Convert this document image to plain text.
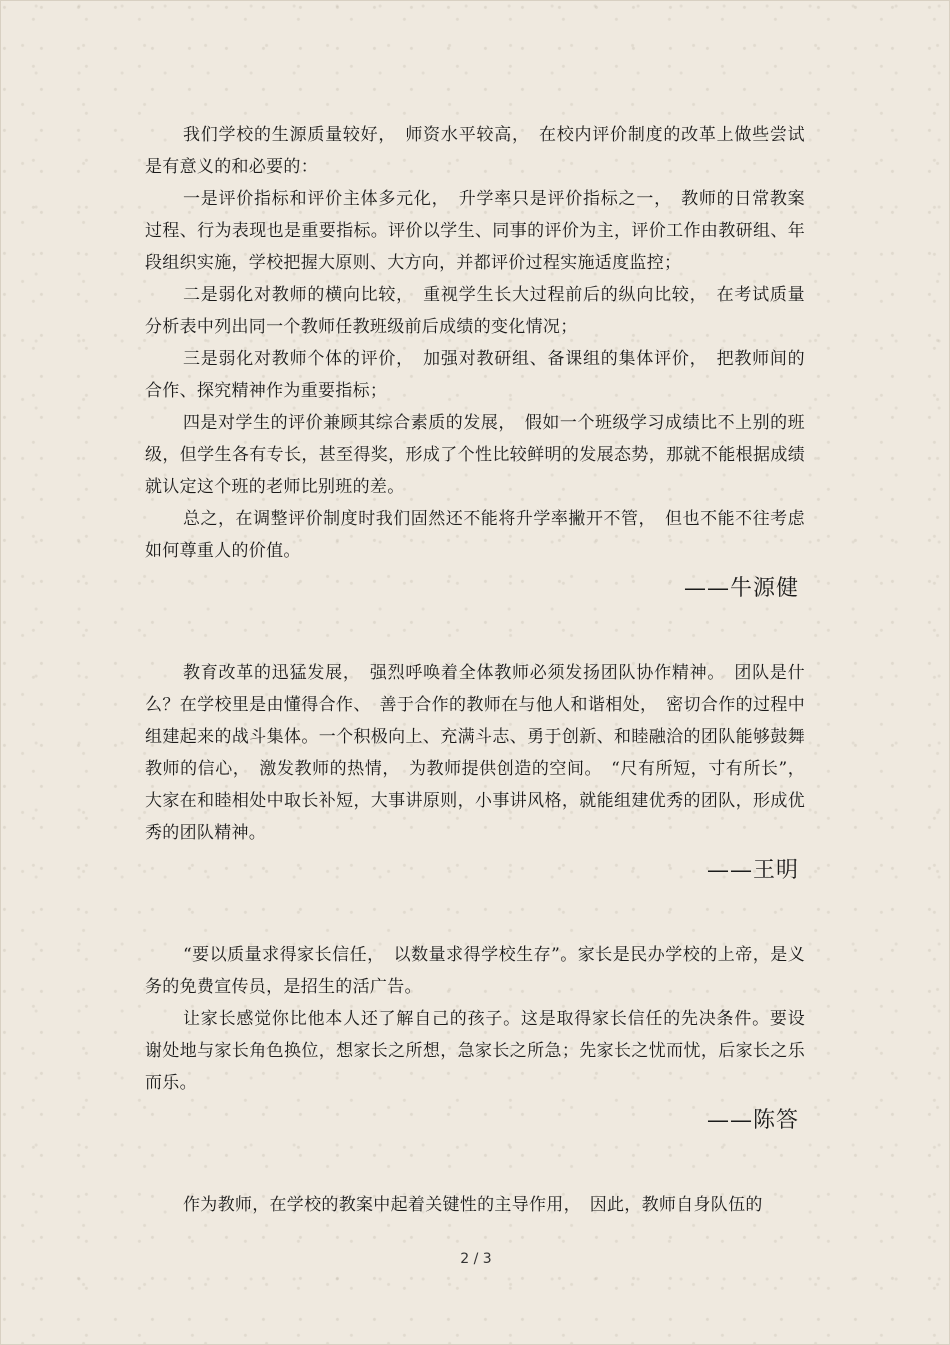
我们学校的生源质量较好，　师资水平较高，　在校内评价制度的改革上做些尝试是有意义的和必要的：

一是评价指标和评价主体多元化，　升学率只是评价指标之一，　教师的日常教案过程、行为表现也是重要指标。评价以学生、同事的评价为主，评价工作由教研组、年段组织实施，学校把握大原则、大方向，并都评价过程实施适度监控；

二是弱化对教师的横向比较，　重视学生长大过程前后的纵向比较，　在考试质量分析表中列出同一个教师任教班级前后成绩的变化情况；

三是弱化对教师个体的评价，　加强对教研组、备课组的集体评价，　把教师间的合作、探究精神作为重要指标；

四是对学生的评价兼顾其综合素质的发展，　假如一个班级学习成绩比不上别的班级，但学生各有专长，甚至得奖，形成了个性比较鲜明的发展态势，那就不能根据成绩就认定这个班的老师比别班的差。

总之，在调整评价制度时我们固然还不能将升学率撇开不管，　但也不能不往考虑如何尊重人的价值。

——牛源健

教育改革的迅猛发展，　强烈呼唤着全体教师必须发扬团队协作精神。　团队是什么？在学校里是由懂得合作、　善于合作的教师在与他人和谐相处，　密切合作的过程中组建起来的战斗集体。一个积极向上、充满斗志、勇于创新、和睦融洽的团队能够鼓舞教师的信心，　激发教师的热情，　为教师提供创造的空间。　“尺有所短，寸有所长”，大家在和睦相处中取长补短，大事讲原则，小事讲风格，就能组建优秀的团队，形成优秀的团队精神。

——王明

“要以质量求得家长信任，　以数量求得学校生存”。家长是民办学校的上帝，是义务的免费宣传员，是招生的活广告。

让家长感觉你比他本人还了解自己的孩子。这是取得家长信任的先决条件。要设谢处地与家长角色换位，想家长之所想，急家长之所急；先家长之忧而忧，后家长之乐而乐。

——陈答

作为教师，在学校的教案中起着关键性的主导作用，　因此，教师自身队伍的

2 / 3
